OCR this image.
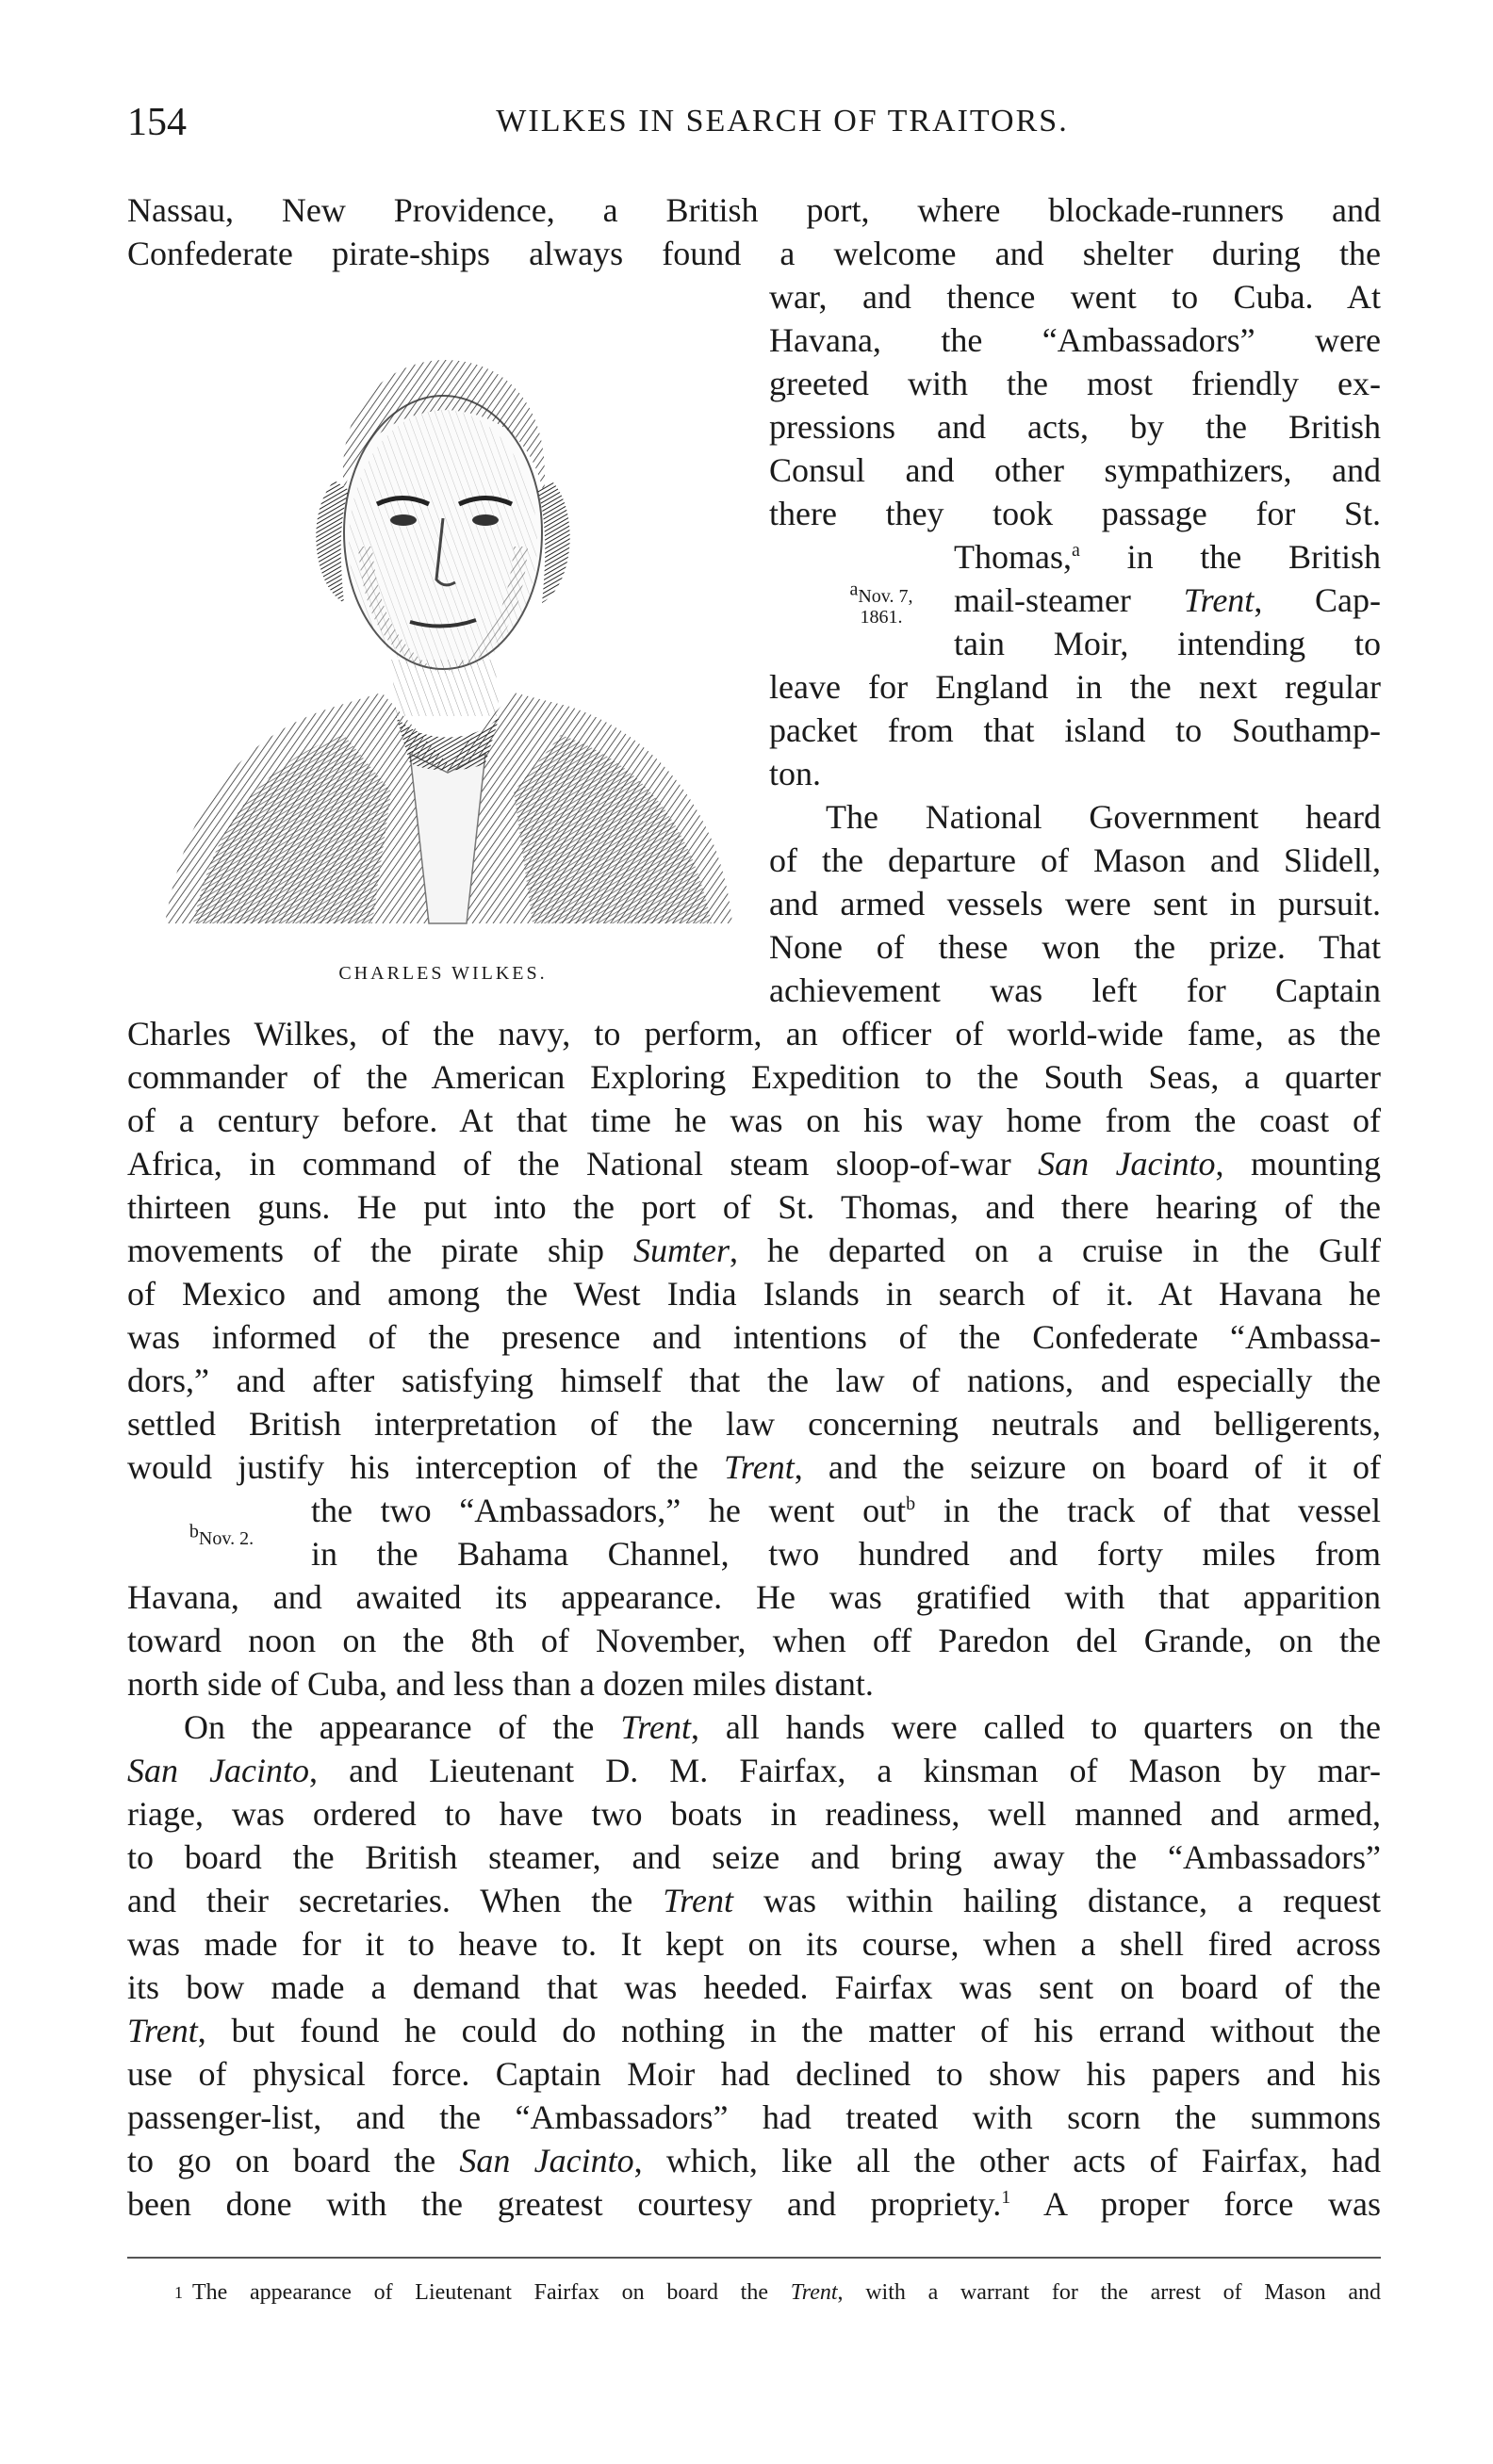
154	WILKES IN SEARCH OF TRAITORS.
Nassau, New Providence, a British port, where blockade-runners and
Confederate pirate-ships always found a welcome and shelter during the
CHARLES WILKES.
war, and thence went to Cuba. At
Havana, the “Ambassadors” were
greeted with the most friendly ex-
pressions and acts, by the British
Consul and other sympathizers, and
there they took passage for St.
Thomas,$^a$ in the British
$^a$Nov. 7,
1861.	mail-steamer Trent, Cap-
tain Moir, intending to
leave for England in the next regular
packet from that island to Southamp-
ton.
The National Government heard
of the departure of Mason and Slidell,
and armed vessels were sent in pursuit.
None of these won the prize. That
achievement was left for Captain
Charles Wilkes, of the navy, to perform, an officer of world-wide fame, as the
commander of the American Exploring Expedition to the South Seas, a quarter
of a century before. At that time he was on his way home from the coast of
Africa, in command of the National steam sloop-of-war San Jacinto, mounting
thirteen guns. He put into the port of St. Thomas, and there hearing of the
movements of the pirate ship Sumter, he departed on a cruise in the Gulf
of Mexico and among the West India Islands in search of it. At Havana he
was informed of the presence and intentions of the Confederate “Ambassa-
dors,” and after satisfying himself that the law of nations, and especially the
settled British interpretation of the law concerning neutrals and belligerents,
would justify his interception of the Trent, and the seizure on board of it of
the two “Ambassadors,” he went out$^b$ in the track of that vessel
$^b$Nov. 2.	in the Bahama Channel, two hundred and forty miles from
Havana, and awaited its appearance. He was gratified with that apparition
toward noon on the 8th of November, when off Paredon del Grande, on the
north side of Cuba, and less than a dozen miles distant.
On the appearance of the Trent, all hands were called to quarters on the
San Jacinto, and Lieutenant D. M. Fairfax, a kinsman of Mason by mar-
riage, was ordered to have two boats in readiness, well manned and armed,
to board the British steamer, and seize and bring away the “Ambassadors”
and their secretaries. When the Trent was within hailing distance, a request
was made for it to heave to. It kept on its course, when a shell fired across
its bow made a demand that was heeded. Fairfax was sent on board of the
Trent, but found he could do nothing in the matter of his errand without the
use of physical force. Captain Moir had declined to show his papers and his
passenger-list, and the “Ambassadors” had treated with scorn the summons
to go on board the San Jacinto, which, like all the other acts of Fairfax, had
been done with the greatest courtesy and propriety.$^1$ A proper force was
$^1$ The appearance of Lieutenant Fairfax on board the Trent, with a warrant for the arrest of Mason and
